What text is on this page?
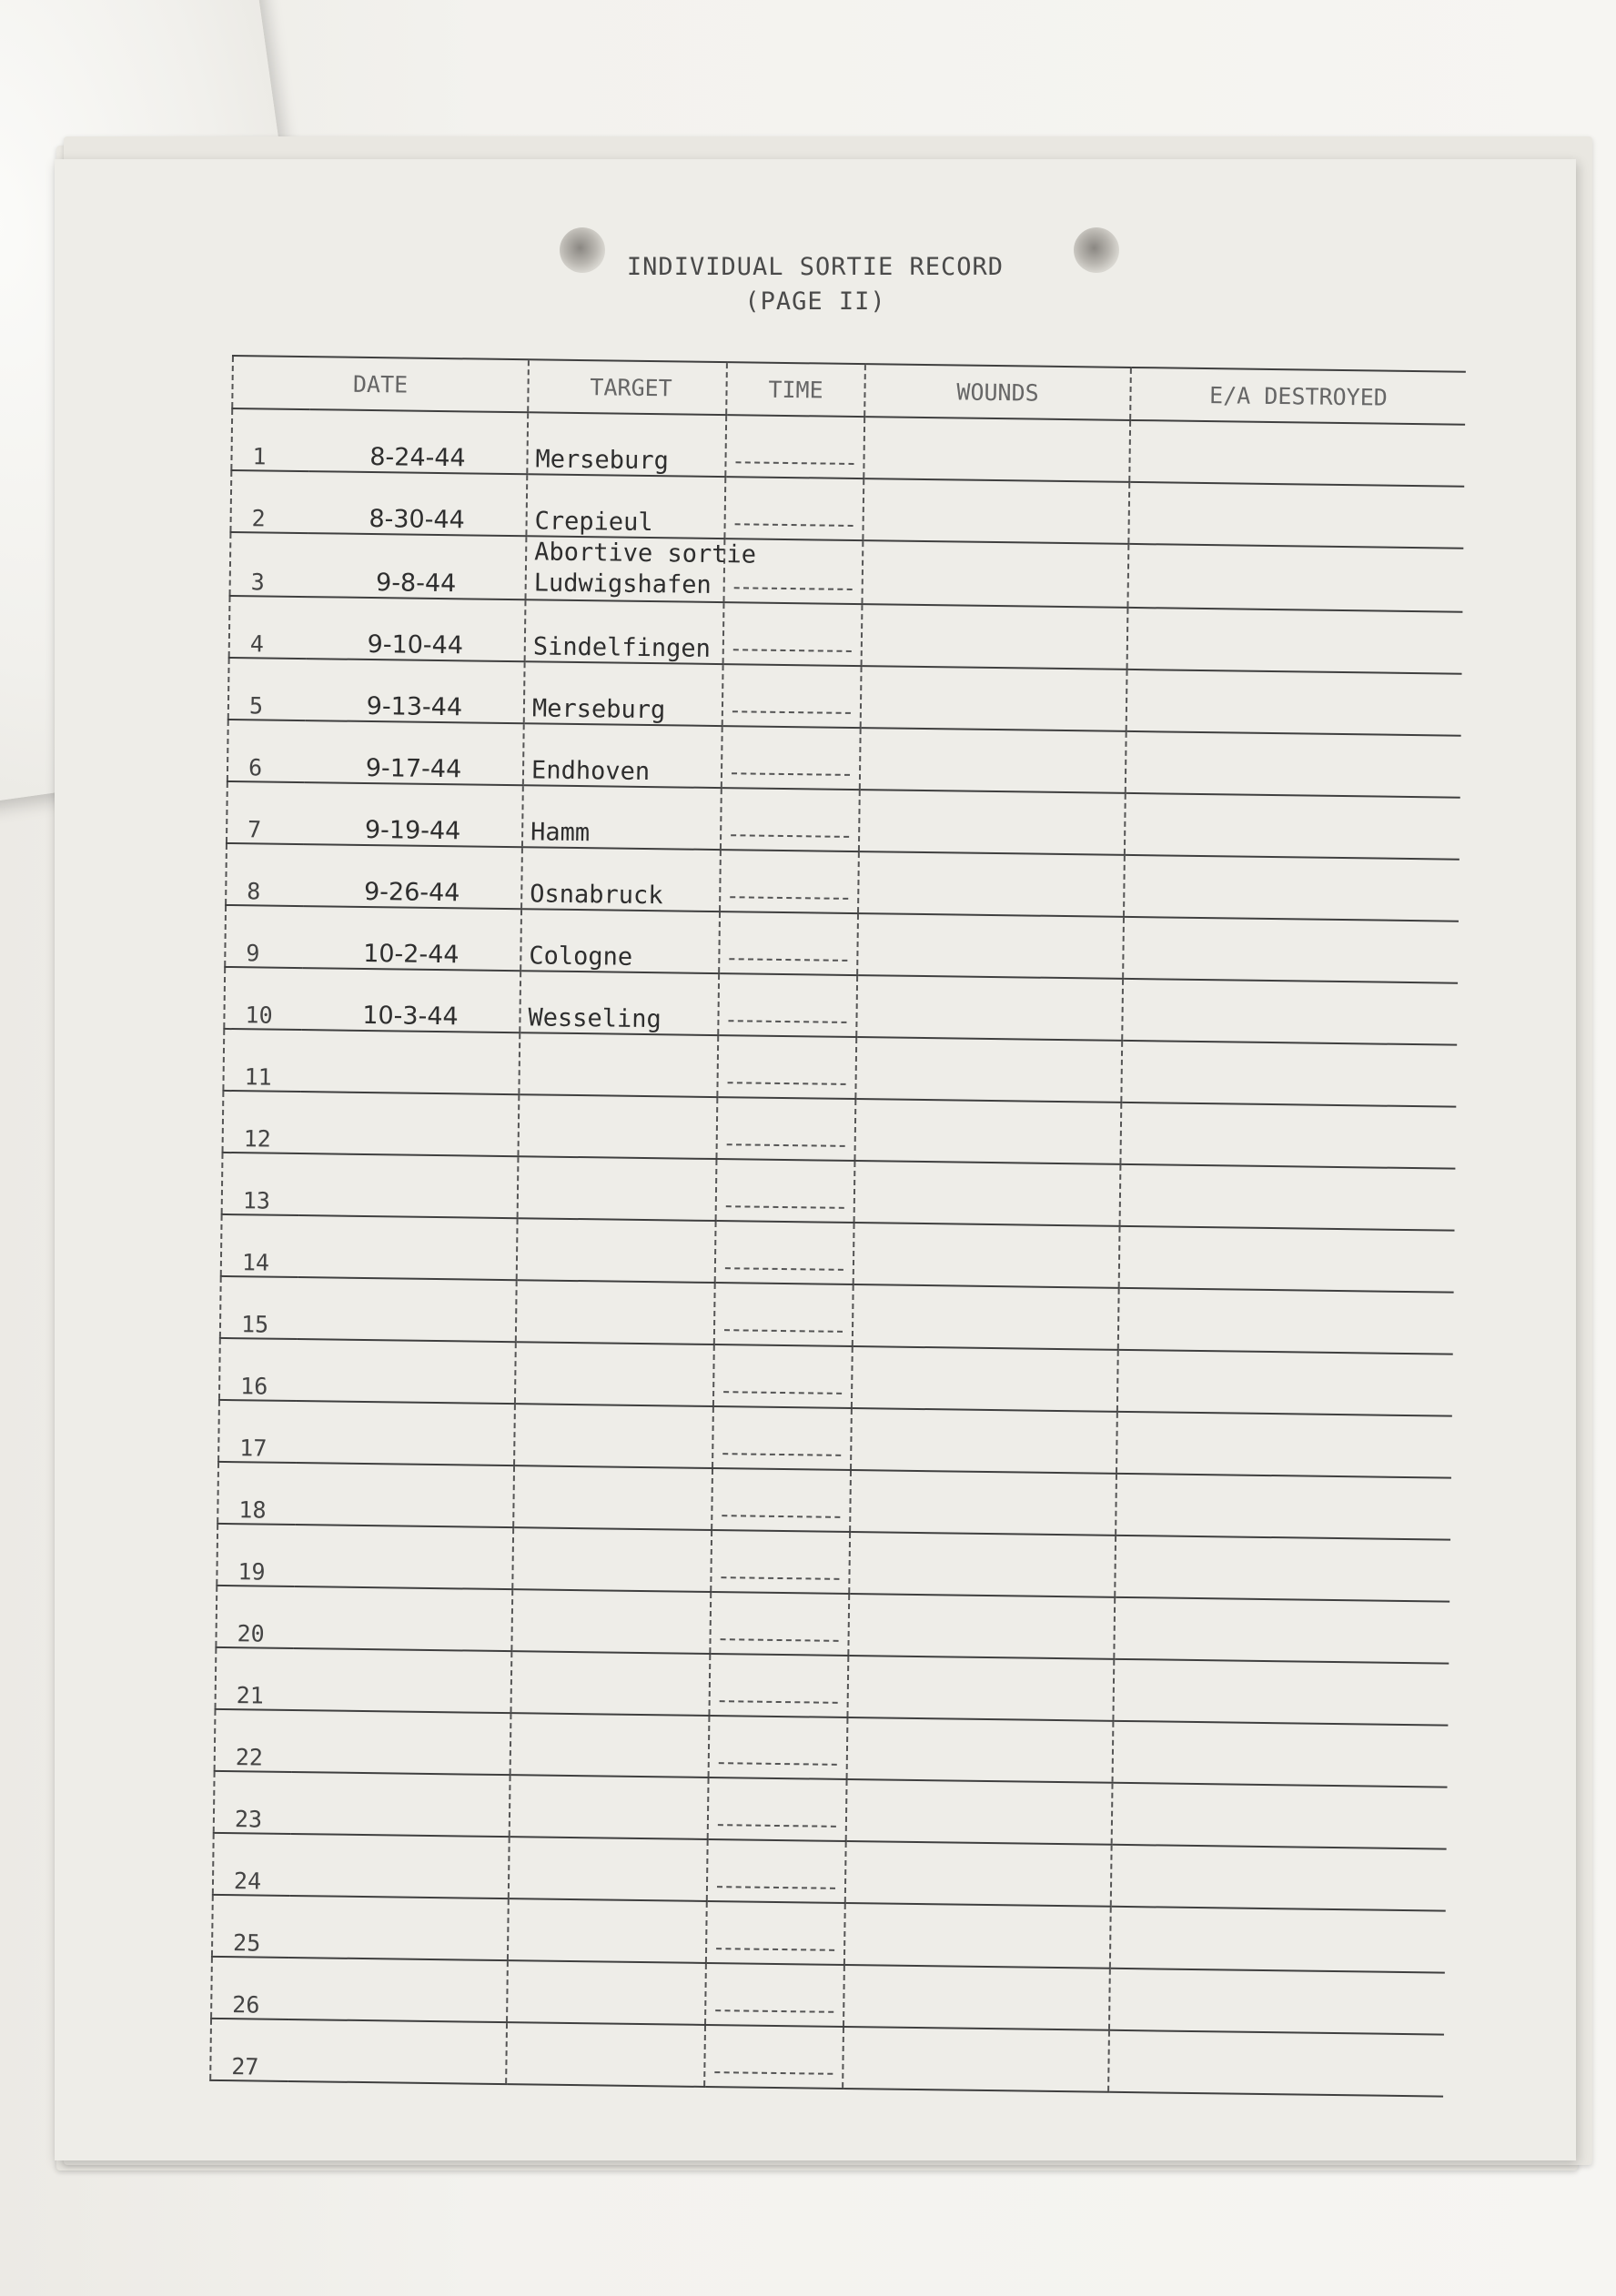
INDIVIDUAL SORTIE RECORD
(PAGE II)
DATE		TARGET	TIME	WOUNDS	E/A DESTROYED
1	8-24-44	Merseburg	

2	8-30-44	Crepieul	

3	9-8-44	Abortive sortie
Ludwigshafen			

4	9-10-44	Sindelfingen	

5	9-13-44	Merseburg	

6	9-17-44	Endhoven	

7	9-19-44	Hamm	

8	9-26-44	Osnabruck	

9	10-2-44	Cologne	

10	10-3-44	Wesseling	

11			

12			

13			

14			

15			

16			

17			

18			

19			

20			

21			

22			

23			

24			

25			

26			

27			
